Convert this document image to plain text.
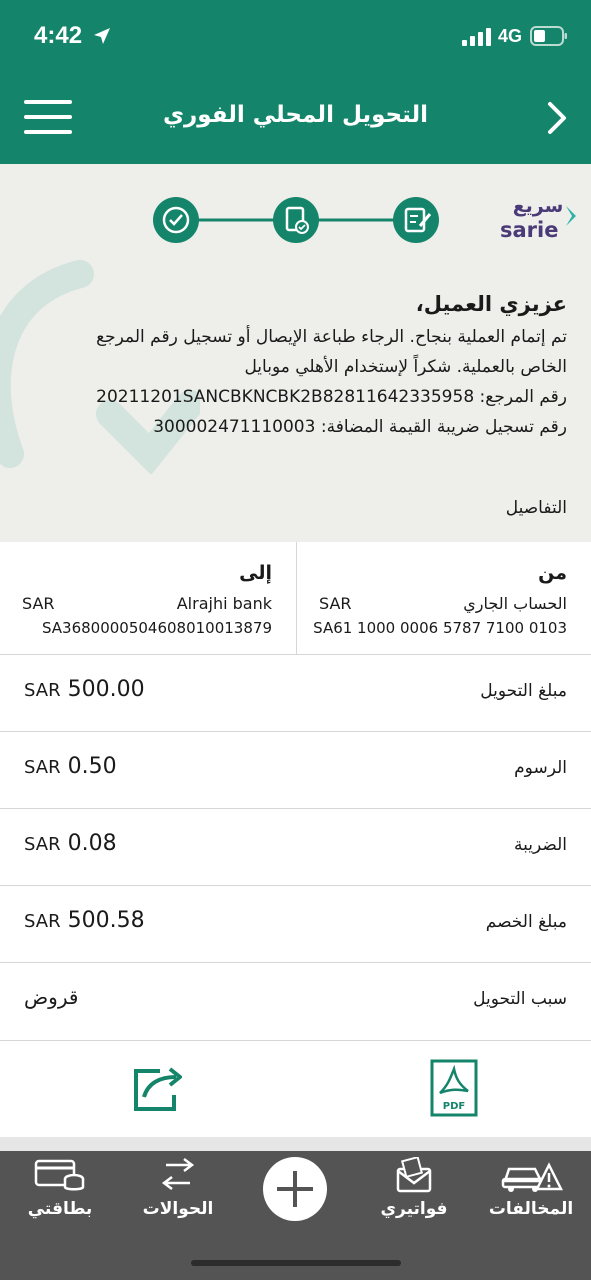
4:42	4G
التحويل المحلي الفوري
سريع
sarie
عزيزي العميل،
تم إتمام العملية بنجاح. الرجاء طباعة الإيصال أو تسجيل رقم المرجع
الخاص بالعملية. شكراً لإستخدام الأهلي موبايل
رقم المرجع: 20211201SANCBKNCBK2B82811642335958
رقم تسجيل ضريبة القيمة المضافة: 300002471110003
التفاصيل
من
SAR	الحساب الجاري
SA61 1000 0006 5787 7100 0103
إلى
SAR	Alrajhi bank
SA3680000504608010013879
مبلغ التحويل
SAR 500.00
الرسوم
SAR 0.50
الضريبة
SAR 0.08
مبلغ الخصم
SAR 500.58
سبب التحويل
قروض
PDF
بطاقتي	الحوالات	فواتيري	المخالفات
